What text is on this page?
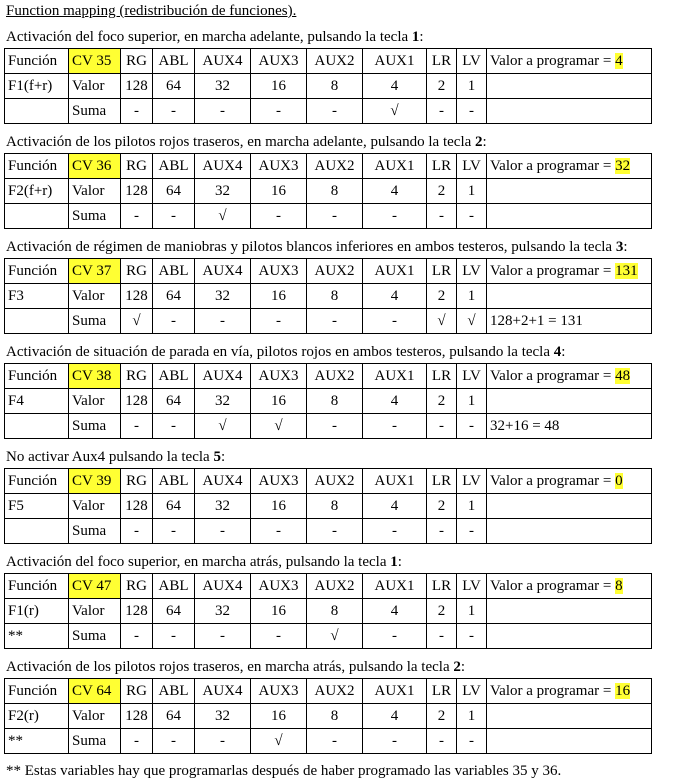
Function mapping (redistribución de funciones).
Activación del foco superior, en marcha adelante, pulsando la tecla 1:
Función	CV 35	RG	ABL	AUX4	AUX3	AUX2	AUX1	LR	LV	Valor a programar = 4
F1(f+r)	Valor	128	64	32	16	8	4	2	1	
	Suma	-	-	-	-	-	√	-	-	
Activación de los pilotos rojos traseros, en marcha adelante, pulsando la tecla 2:
Función	CV 36	RG	ABL	AUX4	AUX3	AUX2	AUX1	LR	LV	Valor a programar = 32
F2(f+r)	Valor	128	64	32	16	8	4	2	1	
	Suma	-	-	√	-	-	-	-	-	
Activación de régimen de maniobras y pilotos blancos inferiores en ambos testeros, pulsando la tecla 3:
Función	CV 37	RG	ABL	AUX4	AUX3	AUX2	AUX1	LR	LV	Valor a programar = 131
F3	Valor	128	64	32	16	8	4	2	1	
	Suma	√	-	-	-	-	-	√	√	128+2+1 = 131
Activación de situación de parada en vía, pilotos rojos en ambos testeros, pulsando la tecla 4:
Función	CV 38	RG	ABL	AUX4	AUX3	AUX2	AUX1	LR	LV	Valor a programar = 48
F4	Valor	128	64	32	16	8	4	2	1	
	Suma	-	-	√	√	-	-	-	-	32+16 = 48
No activar Aux4 pulsando la tecla 5:
Función	CV 39	RG	ABL	AUX4	AUX3	AUX2	AUX1	LR	LV	Valor a programar = 0
F5	Valor	128	64	32	16	8	4	2	1	
	Suma	-	-	-	-	-	-	-	-	
Activación del foco superior, en marcha atrás, pulsando la tecla 1:
Función	CV 47	RG	ABL	AUX4	AUX3	AUX2	AUX1	LR	LV	Valor a programar = 8
F1(r)	Valor	128	64	32	16	8	4	2	1	
**	Suma	-	-	-	-	√	-	-	-	
Activación de los pilotos rojos traseros, en marcha atrás, pulsando la tecla 2:
Función	CV 64	RG	ABL	AUX4	AUX3	AUX2	AUX1	LR	LV	Valor a programar = 16
F2(r)	Valor	128	64	32	16	8	4	2	1	
**	Suma	-	-	-	√	-	-	-	-	
** Estas variables hay que programarlas después de haber programado las variables 35 y 36.
